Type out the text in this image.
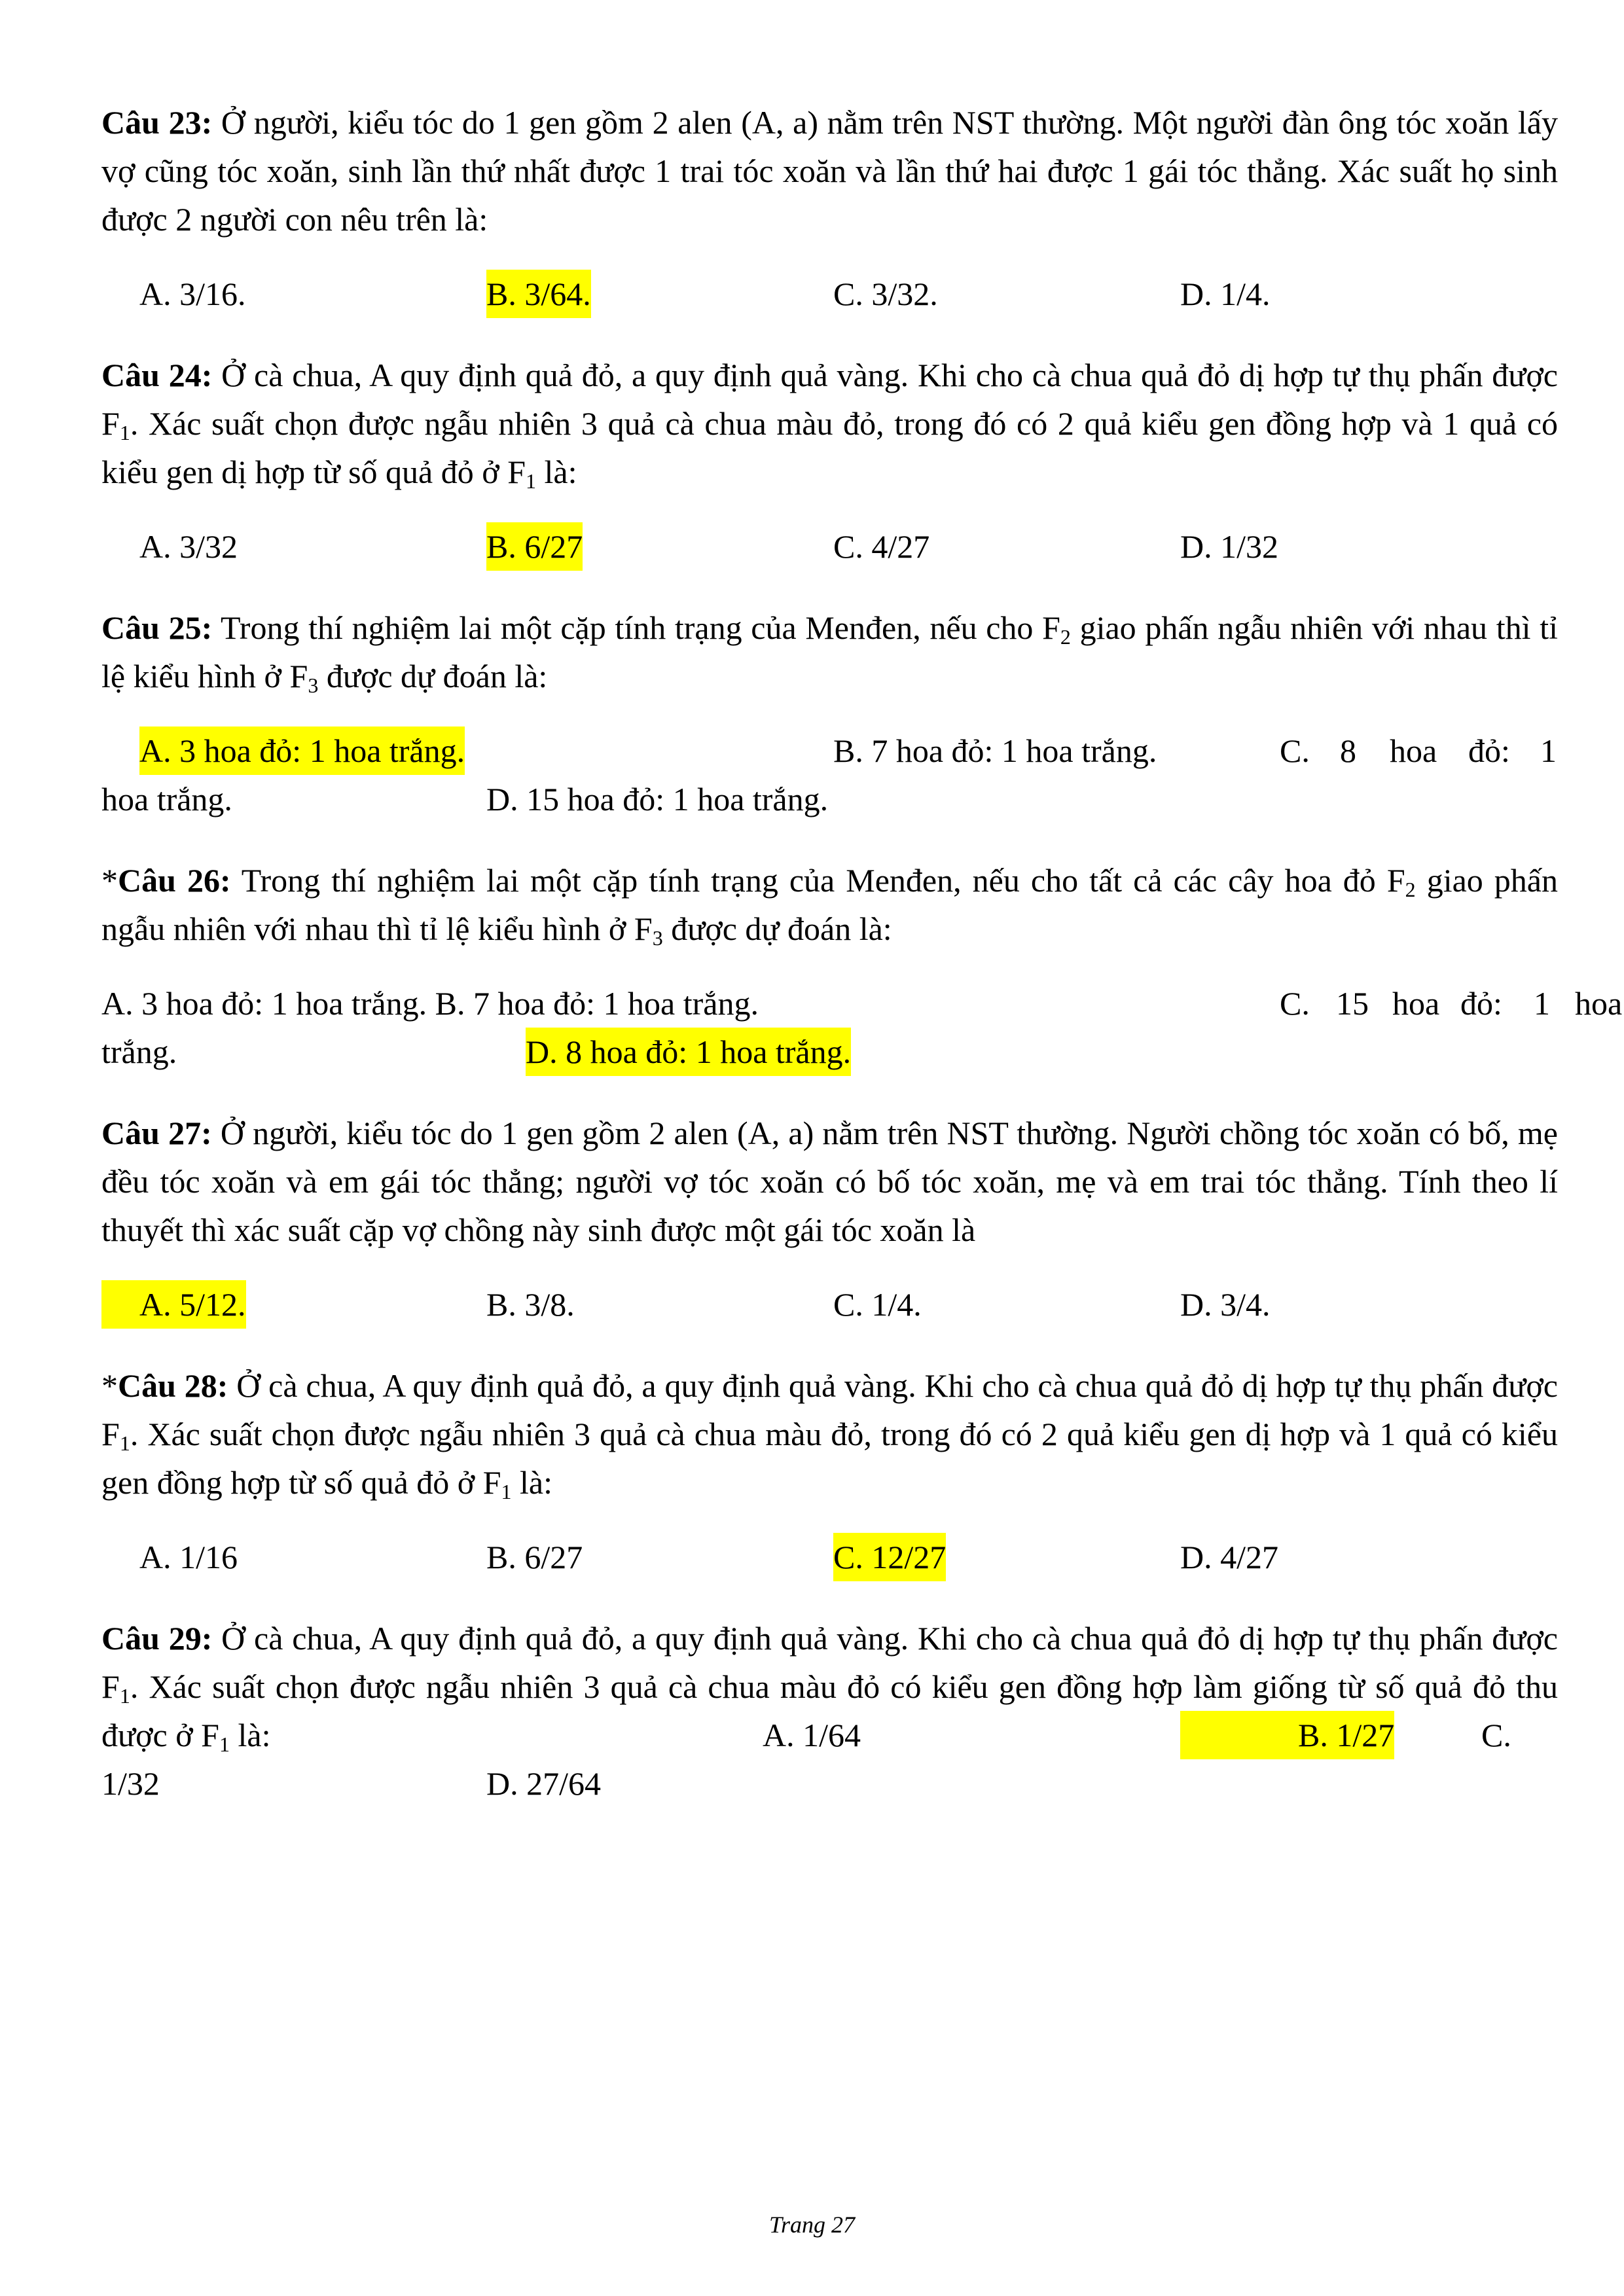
Câu 23: Ở người, kiểu tóc do 1 gen gồm 2 alen (A, a) nằm trên NST thường. Một người đàn ông tóc xoăn lấy vợ cũng tóc xoăn, sinh lần thứ nhất được 1 trai tóc xoăn và lần thứ hai được 1 gái tóc thẳng. Xác suất họ sinh được 2 người con nêu trên là:

A. 3/16.	B. 3/64.	C. 3/32.	D. 1/4.

Câu 24: Ở cà chua, A quy định quả đỏ, a quy định quả vàng. Khi cho cà chua quả đỏ dị hợp tự thụ phấn được $F_1$. Xác suất chọn được ngẫu nhiên 3 quả cà chua màu đỏ, trong đó có 2 quả kiểu gen đồng hợp và 1 quả có kiểu gen dị hợp từ số quả đỏ ở $F_1$ là:

A. 3/32	B. 6/27	C. 4/27	D. 1/32

Câu 25: Trong thí nghiệm lai một cặp tính trạng của Menđen, nếu cho $F_2$ giao phấn ngẫu nhiên với nhau thì tỉ lệ kiểu hình ở $F_3$ được dự đoán là:

A. 3 hoa đỏ: 1 hoa trắng.	B. 7 hoa đỏ: 1 hoa trắng.	C. 8 hoa đỏ: 1
hoa trắng.	D. 15 hoa đỏ: 1 hoa trắng.

*Câu 26: Trong thí nghiệm lai một cặp tính trạng của Menđen, nếu cho tất cả các cây hoa đỏ $F_2$ giao phấn ngẫu nhiên với nhau thì tỉ lệ kiểu hình ở $F_3$ được dự đoán là:

A. 3 hoa đỏ: 1 hoa trắng. B. 7 hoa đỏ: 1 hoa trắng.	C. 15 hoa đỏ: 1 hoa
trắng.	D. 8 hoa đỏ: 1 hoa trắng.

Câu 27: Ở người, kiểu tóc do 1 gen gồm 2 alen (A, a) nằm trên NST thường. Người chồng tóc xoăn có bố, mẹ đều tóc xoăn và em gái tóc thẳng; người vợ tóc xoăn có bố tóc xoăn, mẹ và em trai tóc thẳng. Tính theo lí thuyết thì xác suất cặp vợ chồng này sinh được một gái tóc xoăn là

A. 5/12.	B. 3/8.	C. 1/4.	D. 3/4.

*Câu 28: Ở cà chua, A quy định quả đỏ, a quy định quả vàng. Khi cho cà chua quả đỏ dị hợp tự thụ phấn được $F_1$. Xác suất chọn được ngẫu nhiên 3 quả cà chua màu đỏ, trong đó có 2 quả kiểu gen dị hợp và 1 quả có kiểu gen đồng hợp từ số quả đỏ ở $F_1$ là:

A. 1/16	B. 6/27	C. 12/27	D. 4/27

Câu 29: Ở cà chua, A quy định quả đỏ, a quy định quả vàng. Khi cho cà chua quả đỏ dị hợp tự thụ phấn được $F_1$. Xác suất chọn được ngẫu nhiên 3 quả cà chua màu đỏ có kiểu gen đồng hợp làm giống từ số quả đỏ thu được ở $F_1$ là:	A. 1/64	B. 1/27	C.
1/32	D. 27/64
Trang 27
